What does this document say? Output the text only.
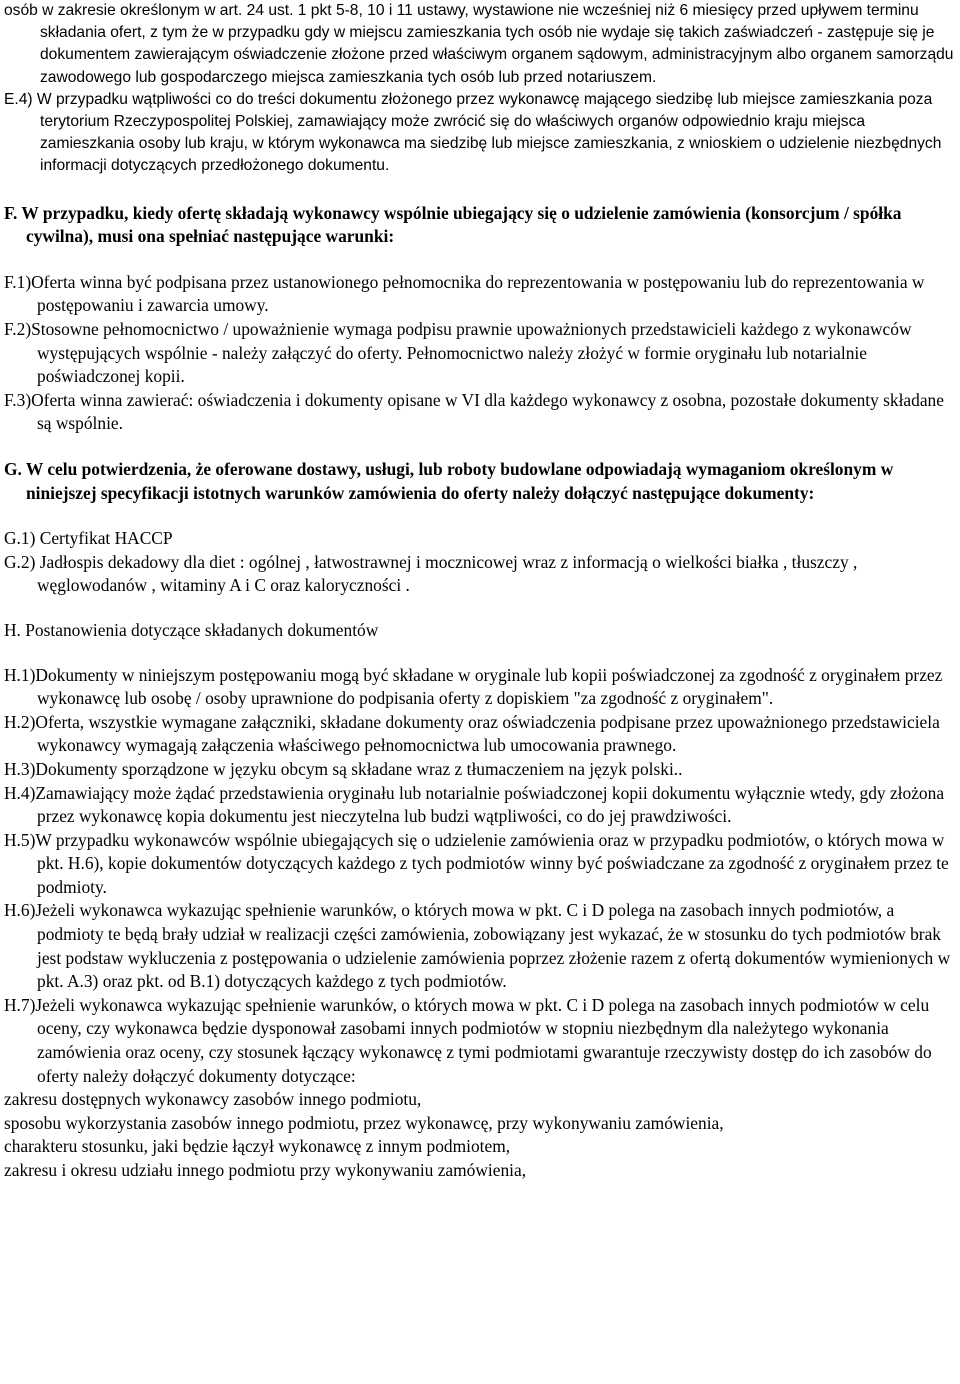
osób w zakresie określonym w art. 24 ust. 1 pkt 5-8, 10 i 11 ustawy, wystawione nie wcześniej niż 6 miesięcy przed upływem terminu składania ofert, z tym że w przypadku gdy w miejscu zamieszkania tych osób nie wydaje się takich zaświadczeń - zastępuje się je dokumentem zawierającym oświadczenie złożone przed właściwym organem sądowym, administracyjnym albo organem samorządu zawodowego lub gospodarczego miejsca zamieszkania tych osób lub przed notariuszem.

E.4) W przypadku wątpliwości co do treści dokumentu złożonego przez wykonawcę mającego siedzibę lub miejsce zamieszkania poza terytorium Rzeczypospolitej Polskiej, zamawiający może zwrócić się do właściwych organów odpowiednio kraju miejsca zamieszkania osoby lub kraju, w którym wykonawca ma siedzibę lub miejsce zamieszkania, z wnioskiem o udzielenie niezbędnych informacji dotyczących przedłożonego dokumentu.

F. W przypadku, kiedy ofertę składają wykonawcy wspólnie ubiegający się o udzielenie zamówienia (konsorcjum / spółka cywilna), musi ona spełniać następujące warunki:

F.1)Oferta winna być podpisana przez ustanowionego pełnomocnika do reprezentowania w postępowaniu lub do reprezentowania w postępowaniu i zawarcia umowy.

F.2)Stosowne pełnomocnictwo / upoważnienie wymaga podpisu prawnie upoważnionych przedstawicieli każdego z wykonawców występujących wspólnie - należy załączyć do oferty. Pełnomocnictwo należy złożyć w formie oryginału lub notarialnie poświadczonej kopii.

F.3)Oferta winna zawierać: oświadczenia i dokumenty opisane w VI dla każdego wykonawcy z osobna, pozostałe dokumenty składane są wspólnie.

G. W celu potwierdzenia, że oferowane dostawy, usługi, lub roboty budowlane odpowiadają wymaganiom określonym w niniejszej specyfikacji istotnych warunków zamówienia do oferty należy dołączyć następujące dokumenty:

G.1) Certyfikat HACCP

G.2) Jadłospis dekadowy dla diet : ogólnej , łatwostrawnej i mocznicowej wraz z informacją o wielkości białka , tłuszczy , węglowodanów , witaminy A i C oraz kaloryczności .

H. Postanowienia dotyczące składanych dokumentów

H.1)Dokumenty w niniejszym postępowaniu mogą być składane w oryginale lub kopii poświadczonej za zgodność z oryginałem przez wykonawcę lub osobę / osoby uprawnione do podpisania oferty z dopiskiem "za zgodność z oryginałem".

H.2)Oferta, wszystkie wymagane załączniki, składane dokumenty oraz oświadczenia podpisane przez upoważnionego przedstawiciela wykonawcy wymagają załączenia właściwego pełnomocnictwa lub umocowania prawnego.

H.3)Dokumenty sporządzone w języku obcym są składane wraz z tłumaczeniem na język polski..

H.4)Zamawiający może żądać przedstawienia oryginału lub notarialnie poświadczonej kopii dokumentu wyłącznie wtedy, gdy złożona przez wykonawcę kopia dokumentu jest nieczytelna lub budzi wątpliwości, co do jej prawdziwości.

H.5)W przypadku wykonawców wspólnie ubiegających się o udzielenie zamówienia oraz w przypadku podmiotów, o których mowa w pkt. H.6), kopie dokumentów dotyczących każdego z tych podmiotów winny być poświadczane za zgodność z oryginałem przez te podmioty.

H.6)Jeżeli wykonawca wykazując spełnienie warunków, o których mowa w pkt. C i D polega na zasobach innych podmiotów, a podmioty te będą brały udział w realizacji części zamówienia, zobowiązany jest wykazać, że w stosunku do tych podmiotów brak jest podstaw wykluczenia z postępowania o udzielenie zamówienia poprzez złożenie razem z ofertą dokumentów wymienionych w pkt. A.3) oraz pkt. od B.1) dotyczących każdego z tych podmiotów.

H.7)Jeżeli wykonawca wykazując spełnienie warunków, o których mowa w pkt. C i D polega na zasobach innych podmiotów w celu oceny, czy wykonawca będzie dysponował zasobami innych podmiotów w stopniu niezbędnym dla należytego wykonania zamówienia oraz oceny, czy stosunek łączący wykonawcę z tymi podmiotami gwarantuje rzeczywisty dostęp do ich zasobów do oferty należy dołączyć dokumenty dotyczące:

zakresu dostępnych wykonawcy zasobów innego podmiotu,

sposobu wykorzystania zasobów innego podmiotu, przez wykonawcę, przy wykonywaniu zamówienia,

charakteru stosunku, jaki będzie łączył wykonawcę z innym podmiotem,

zakresu i okresu udziału innego podmiotu przy wykonywaniu zamówienia,
